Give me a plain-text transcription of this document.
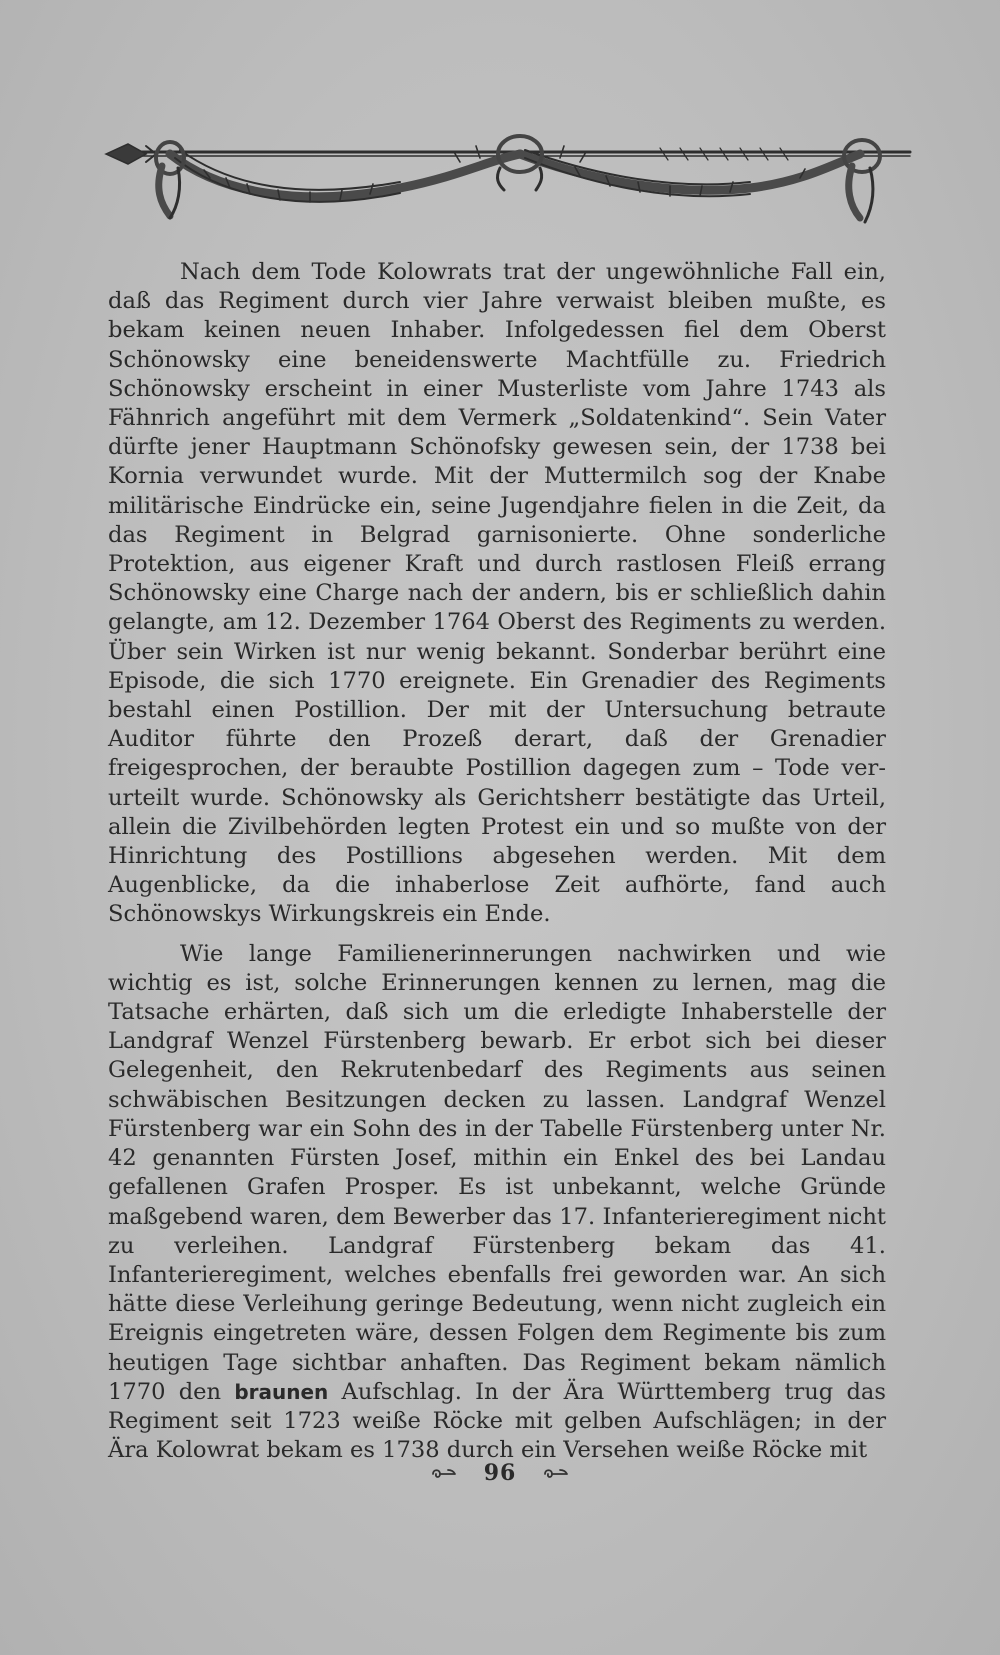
Nach dem Tode Kolowrats trat der ungewöhnliche Fall ein, daß das Regiment durch vier Jahre verwaist bleiben mußte, es bekam keinen neuen Inhaber. Infolgedessen fiel dem Oberst Schönowsky eine beneidenswerte Machtfülle zu. Friedrich Schönowsky erscheint in einer Musterliste vom Jahre 1743 als Fähnrich angeführt mit dem Vermerk „Soldatenkind“. Sein Vater dürfte jener Hauptmann Schönofsky gewesen sein, der 1738 bei Kornia verwundet wurde. Mit der Muttermilch sog der Knabe militärische Eindrücke ein, seine Jugendjahre fielen in die Zeit, da das Regiment in Belgrad garnisonierte. Ohne sonderliche Protektion, aus eigener Kraft und durch rastlosen Fleiß errang Schönowsky eine Charge nach der andern, bis er schließlich dahin gelangte, am 12. Dezember 1764 Oberst des Regiments zu werden. Über sein Wirken ist nur wenig bekannt. Sonderbar berührt eine Episode, die sich 1770 ereignete. Ein Grenadier des Regiments bestahl einen Postillion. Der mit der Untersuchung betraute Auditor führte den Prozeß derart, daß der Grenadier freigesprochen, der beraubte Postillion dagegen zum – Tode verurteilt wurde. Schönowsky als Gerichtsherr bestätigte das Urteil, allein die Zivilbehörden legten Protest ein und so mußte von der Hinrichtung des Postillions abgesehen werden. Mit dem Augenblicke, da die inhaberlose Zeit aufhörte, fand auch Schönowskys Wirkungskreis ein Ende.

Wie lange Familienerinnerungen nachwirken und wie wichtig es ist, solche Erinnerungen kennen zu lernen, mag die Tatsache erhärten, daß sich um die erledigte Inhaberstelle der Landgraf Wenzel Fürstenberg bewarb. Er erbot sich bei dieser Gelegenheit, den Rekrutenbedarf des Regiments aus seinen schwäbischen Besitzungen decken zu lassen. Landgraf Wenzel Fürstenberg war ein Sohn des in der Tabelle Fürstenberg unter Nr. 42 genannten Fürsten Josef, mithin ein Enkel des bei Landau gefallenen Grafen Prosper. Es ist unbekannt, welche Gründe maßgebend waren, dem Bewerber das 17. Infanterieregiment nicht zu verleihen. Landgraf Fürstenberg bekam das 41. Infanterieregiment, welches ebenfalls frei geworden war. An sich hätte diese Verleihung geringe Bedeutung, wenn nicht zugleich ein Ereignis eingetreten wäre, dessen Folgen dem Regimente bis zum heutigen Tage sichtbar anhaften. Das Regiment bekam nämlich 1770 den braunen Aufschlag. In der Ära Württemberg trug das Regiment seit 1723 weiße Röcke mit gelben Aufschlägen; in der Ära Kolowrat bekam es 1738 durch ein Versehen weiße Röcke mit

96
